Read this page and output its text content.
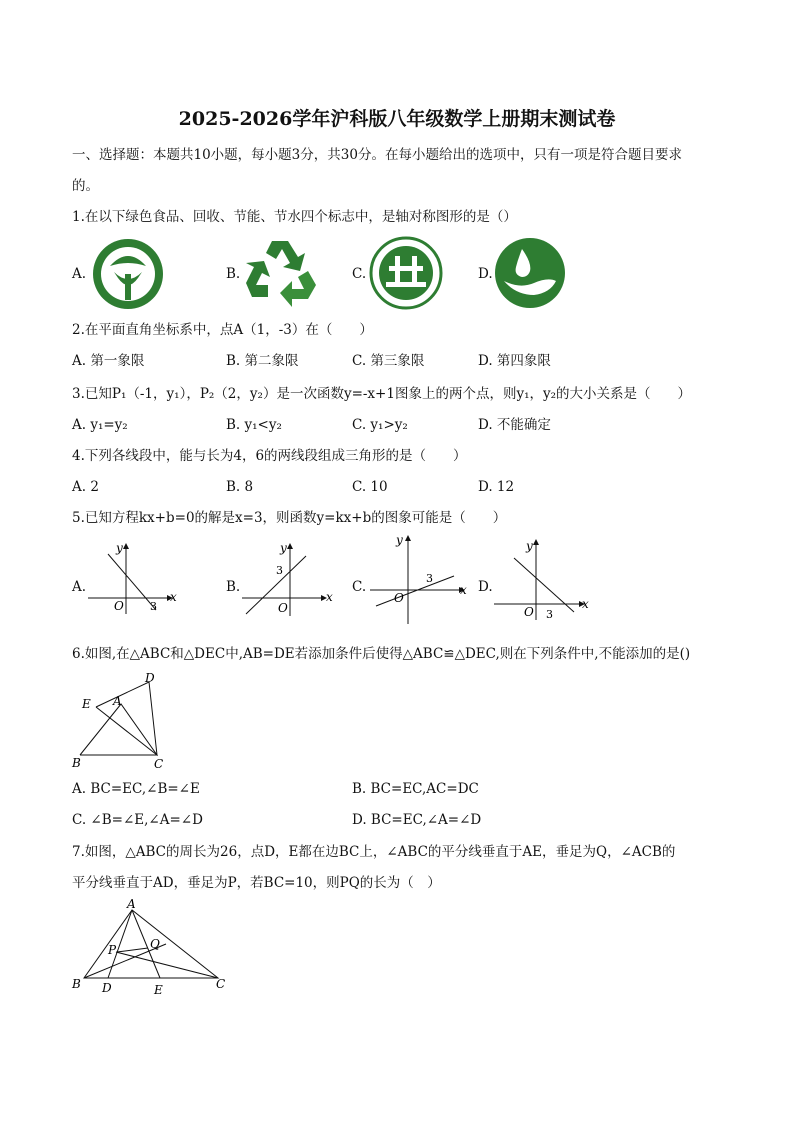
2025-2026学年沪科版八年级数学上册期末测试卷
一、选择题：本题共10小题，每小题3分，共30分。在每小题给出的选项中，只有一项是符合题目要求
的。
1.在以下绿色食品、回收、节能、节水四个标志中，是轴对称图形的是（）
A.	B.	C.	D.
2.在平面直角坐标系中，点A（1，-3）在（　　）
A. 第一象限	B. 第二象限	C. 第三象限	D. 第四象限
3.已知P₁（-1，y₁），P₂（2，y₂）是一次函数y=-x+1图象上的两个点，则y₁，y₂的大小关系是（　　）
A. y₁=y₂	B. y₁<y₂	C. y₁>y₂	D. 不能确定
4.下列各线段中，能与长为4，6的两线段组成三角形的是（　　）
A. 2	B. 8	C. 10	D. 12
5.已知方程kx+b=0的解是x=3，则函数y=kx+b的图象可能是（　　）
A.	B.	C.	D.
x
y
O 3
x
y
O
3
x
y
O
3
x
y
O 3
6.如图,在△ABC和△DEC中,AB=DE若添加条件后使得△ABC≌△DEC,则在下列条件中,不能添加的是()
D
E A
B	C
A. BC=EC,∠B=∠E	B. BC=EC,AC=DC
C. ∠B=∠E,∠A=∠D	D. BC=EC,∠A=∠D
7.如图，△ABC的周长为26，点D，E都在边BC上，∠ABC的平分线垂直于AE，垂足为Q，∠ACB的
平分线垂直于AD，垂足为P，若BC=10，则PQ的长为（　）
A
P	Q
B D	E	C
